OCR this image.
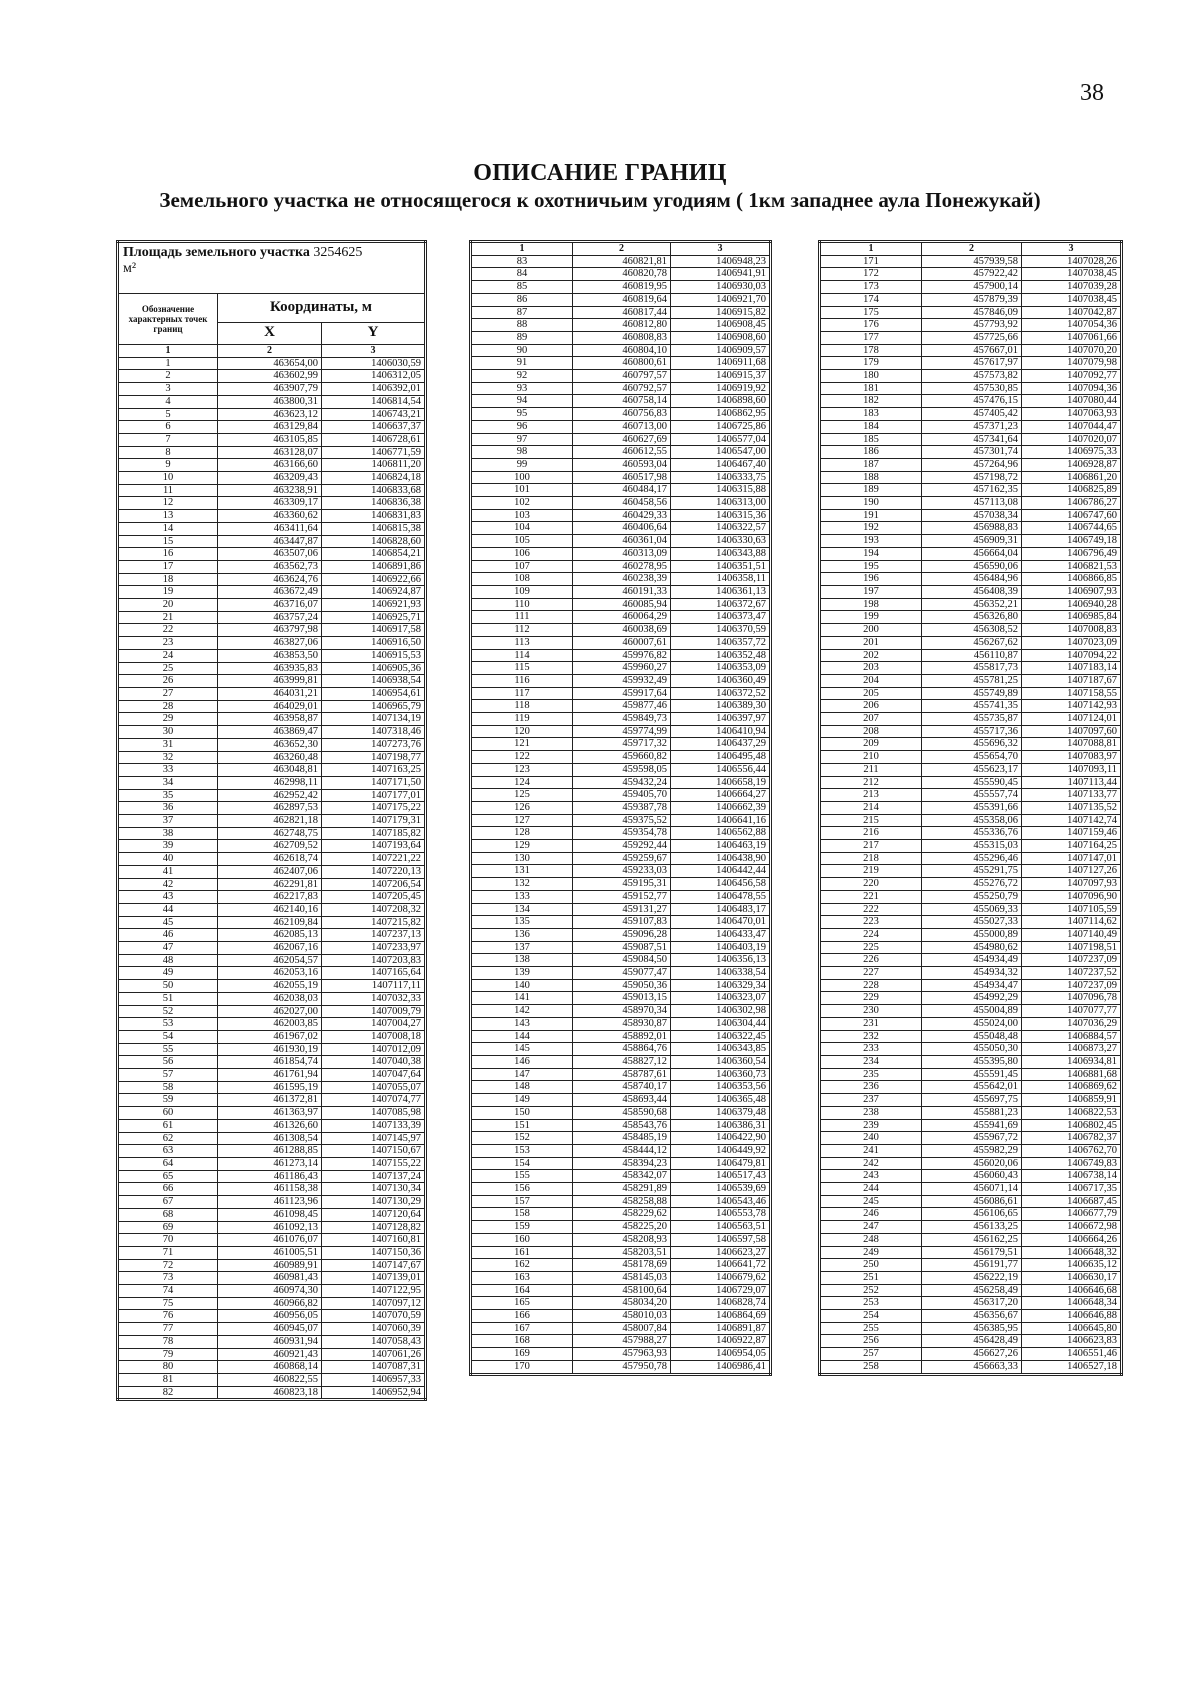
38
ОПИСАНИЕ ГРАНИЦ
Земельного участка не относящегося к охотничьим угодиям ( 1км западнее аула Понежукай)
Площадь земельного участка 3254625
м²		
Обозначение характерных точек границ	Координаты, м	
	X	Y
1	2	3
1	463654,00	1406030,59
2	463602,99	1406312,05
3	463907,79	1406392,01
4	463800,31	1406814,54
5	463623,12	1406743,21
6	463129,84	1406637,37
7	463105,85	1406728,61
8	463128,07	1406771,59
9	463166,60	1406811,20
10	463209,43	1406824,18
11	463238,91	1406833,68
12	463309,17	1406836,38
13	463360,62	1406831,83
14	463411,64	1406815,38
15	463447,87	1406828,60
16	463507,06	1406854,21
17	463562,73	1406891,86
18	463624,76	1406922,66
19	463672,49	1406924,87
20	463716,07	1406921,93
21	463757,24	1406925,71
22	463797,98	1406917,58
23	463827,06	1406916,50
24	463853,50	1406915,53
25	463935,83	1406905,36
26	463999,81	1406938,54
27	464031,21	1406954,61
28	464029,01	1406965,79
29	463958,87	1407134,19
30	463869,47	1407318,46
31	463652,30	1407273,76
32	463260,48	1407198,77
33	463048,81	1407163,25
34	462998,11	1407171,50
35	462952,42	1407177,01
36	462897,53	1407175,22
37	462821,18	1407179,31
38	462748,75	1407185,82
39	462709,52	1407193,64
40	462618,74	1407221,22
41	462407,06	1407220,13
42	462291,81	1407206,54
43	462217,83	1407205,45
44	462140,16	1407208,32
45	462109,84	1407215,82
46	462085,13	1407237,13
47	462067,16	1407233,97
48	462054,57	1407203,83
49	462053,16	1407165,64
50	462055,19	1407117,11
51	462038,03	1407032,33
52	462027,00	1407009,79
53	462003,85	1407004,27
54	461967,02	1407008,18
55	461930,19	1407012,09
56	461854,74	1407040,38
57	461761,94	1407047,64
58	461595,19	1407055,07
59	461372,81	1407074,77
60	461363,97	1407085,98
61	461326,60	1407133,39
62	461308,54	1407145,97
63	461288,85	1407150,67
64	461273,14	1407155,22
65	461186,43	1407137,24
66	461158,38	1407130,34
67	461123,96	1407130,29
68	461098,45	1407120,64
69	461092,13	1407128,82
70	461076,07	1407160,81
71	461005,51	1407150,36
72	460989,91	1407147,67
73	460981,43	1407139,01
74	460974,30	1407122,95
75	460966,82	1407097,12
76	460956,05	1407070,59
77	460945,07	1407060,39
78	460931,94	1407058,43
79	460921,43	1407061,26
80	460868,14	1407087,31
81	460822,55	1406957,33
82	460823,18	1406952,94
1	2	3
83	460821,81	1406948,23
84	460820,78	1406941,91
85	460819,95	1406930,03
86	460819,64	1406921,70
87	460817,44	1406915,82
88	460812,80	1406908,45
89	460808,83	1406908,60
90	460804,10	1406909,57
91	460800,61	1406911,68
92	460797,57	1406915,37
93	460792,57	1406919,92
94	460758,14	1406898,60
95	460756,83	1406862,95
96	460713,00	1406725,86
97	460627,69	1406577,04
98	460612,55	1406547,00
99	460593,04	1406467,40
100	460517,98	1406333,75
101	460484,17	1406315,88
102	460458,56	1406313,00
103	460429,33	1406315,36
104	460406,64	1406322,57
105	460361,04	1406330,63
106	460313,09	1406343,88
107	460278,95	1406351,51
108	460238,39	1406358,11
109	460191,33	1406361,13
110	460085,94	1406372,67
111	460064,29	1406373,47
112	460038,69	1406370,59
113	460007,61	1406357,72
114	459976,82	1406352,48
115	459960,27	1406353,09
116	459932,49	1406360,49
117	459917,64	1406372,52
118	459877,46	1406389,30
119	459849,73	1406397,97
120	459774,99	1406410,94
121	459717,32	1406437,29
122	459660,82	1406495,48
123	459598,05	1406556,44
124	459432,24	1406658,19
125	459405,70	1406664,27
126	459387,78	1406662,39
127	459375,52	1406641,16
128	459354,78	1406562,88
129	459292,44	1406463,19
130	459259,67	1406438,90
131	459233,03	1406442,44
132	459195,31	1406456,58
133	459152,77	1406478,55
134	459131,27	1406483,17
135	459107,83	1406470,01
136	459096,28	1406433,47
137	459087,51	1406403,19
138	459084,50	1406356,13
139	459077,47	1406338,54
140	459050,36	1406329,34
141	459013,15	1406323,07
142	458970,34	1406302,98
143	458930,87	1406304,44
144	458892,01	1406322,45
145	458864,76	1406343,85
146	458827,12	1406360,54
147	458787,61	1406360,73
148	458740,17	1406353,56
149	458693,44	1406365,48
150	458590,68	1406379,48
151	458543,76	1406386,31
152	458485,19	1406422,90
153	458444,12	1406449,92
154	458394,23	1406479,81
155	458342,07	1406517,43
156	458291,89	1406539,69
157	458258,88	1406543,46
158	458229,62	1406553,78
159	458225,20	1406563,51
160	458208,93	1406597,58
161	458203,51	1406623,27
162	458178,69	1406641,72
163	458145,03	1406679,62
164	458100,64	1406729,07
165	458034,20	1406828,74
166	458010,03	1406864,69
167	458007,84	1406891,87
168	457988,27	1406922,87
169	457963,93	1406954,05
170	457950,78	1406986,41
1	2	3
171	457939,58	1407028,26
172	457922,42	1407038,45
173	457900,14	1407039,28
174	457879,39	1407038,45
175	457846,09	1407042,87
176	457793,92	1407054,36
177	457725,66	1407061,66
178	457667,01	1407070,20
179	457617,97	1407079,98
180	457573,82	1407092,77
181	457530,85	1407094,36
182	457476,15	1407080,44
183	457405,42	1407063,93
184	457371,23	1407044,47
185	457341,64	1407020,07
186	457301,74	1406975,33
187	457264,96	1406928,87
188	457198,72	1406861,20
189	457162,35	1406825,89
190	457113,08	1406786,27
191	457038,34	1406747,60
192	456988,83	1406744,65
193	456909,31	1406749,18
194	456664,04	1406796,49
195	456590,06	1406821,53
196	456484,96	1406866,85
197	456408,39	1406907,93
198	456352,21	1406940,28
199	456326,80	1406985,84
200	456308,52	1407008,83
201	456267,62	1407023,09
202	456110,87	1407094,22
203	455817,73	1407183,14
204	455781,25	1407187,67
205	455749,89	1407158,55
206	455741,35	1407142,93
207	455735,87	1407124,01
208	455717,36	1407097,60
209	455696,32	1407088,81
210	455654,70	1407083,97
211	455623,17	1407093,11
212	455590,45	1407113,44
213	455557,74	1407133,77
214	455391,66	1407135,52
215	455358,06	1407142,74
216	455336,76	1407159,46
217	455315,03	1407164,25
218	455296,46	1407147,01
219	455291,75	1407127,26
220	455276,72	1407097,93
221	455250,79	1407096,90
222	455069,33	1407105,59
223	455027,33	1407114,62
224	455000,89	1407140,49
225	454980,62	1407198,51
226	454934,49	1407237,09
227	454934,32	1407237,52
228	454934,47	1407237,09
229	454992,29	1407096,78
230	455004,89	1407077,77
231	455024,00	1407036,29
232	455048,48	1406884,57
233	455050,30	1406873,27
234	455395,80	1406934,81
235	455591,45	1406881,68
236	455642,01	1406869,62
237	455697,75	1406859,91
238	455881,23	1406822,53
239	455941,69	1406802,45
240	455967,72	1406782,37
241	455982,29	1406762,70
242	456020,06	1406749,83
243	456060,43	1406738,14
244	456071,14	1406717,35
245	456086,61	1406687,45
246	456106,65	1406677,79
247	456133,25	1406672,98
248	456162,25	1406664,26
249	456179,51	1406648,32
250	456191,77	1406635,12
251	456222,19	1406630,17
252	456258,49	1406646,68
253	456317,20	1406648,34
254	456356,67	1406646,88
255	456385,95	1406645,80
256	456428,49	1406623,83
257	456627,26	1406551,46
258	456663,33	1406527,18
